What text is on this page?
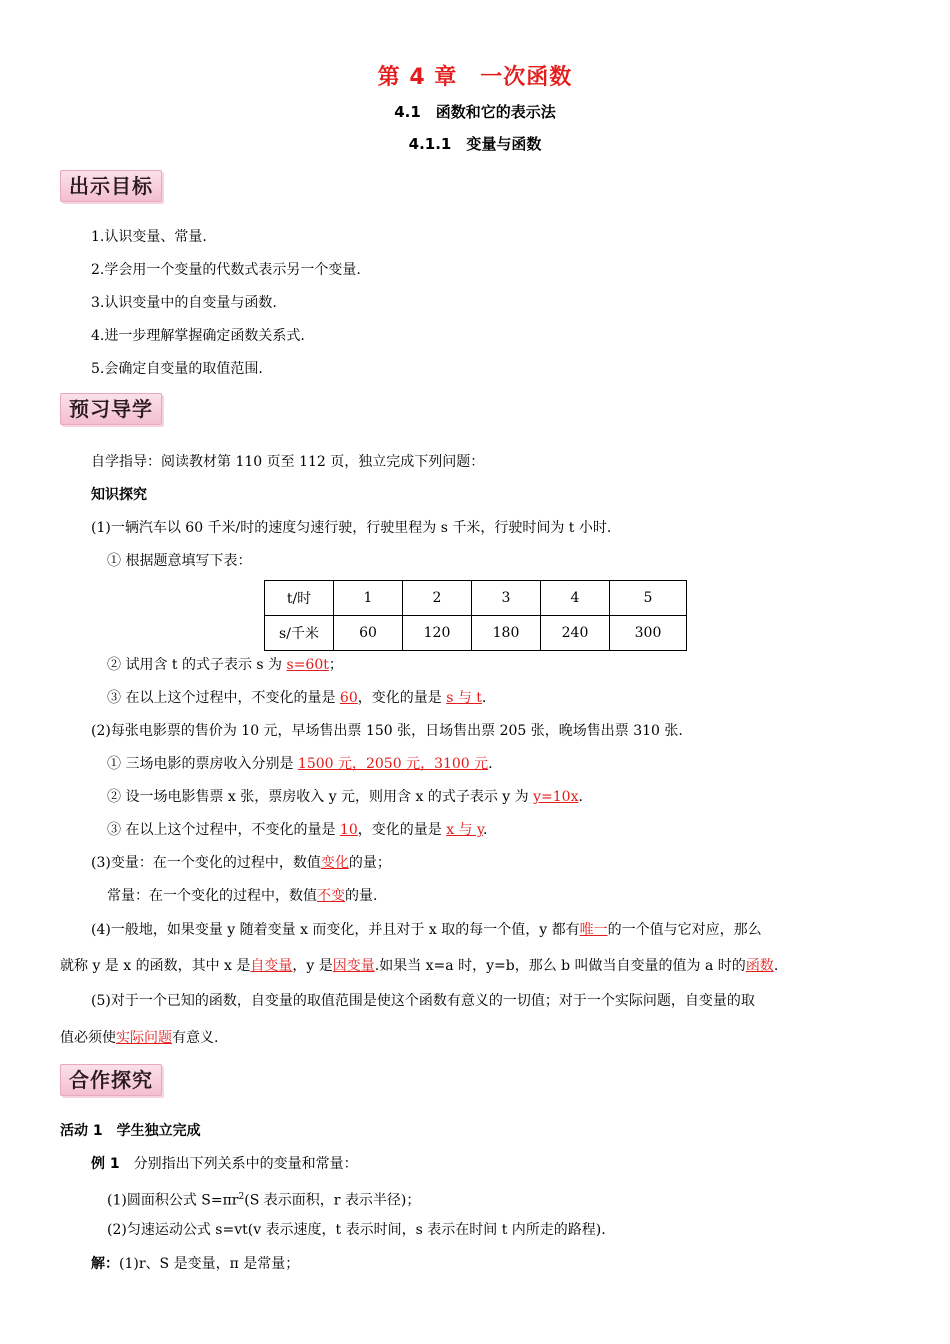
第 4 章　一次函数
4.1　函数和它的表示法
4.1.1　变量与函数
出示目标
1.认识变量、常量.
2.学会用一个变量的代数式表示另一个变量.
3.认识变量中的自变量与函数.
4.进一步理解掌握确定函数关系式.
5.会确定自变量的取值范围.
预习导学
自学指导：阅读教材第 110 页至 112 页，独立完成下列问题：
知识探究
(1)一辆汽车以 60 千米/时的速度匀速行驶，行驶里程为 s 千米，行驶时间为 t 小时.
① 根据题意填写下表：
t/时	1	2	3	4	5
s/千米	60	120	180	240	300
② 试用含 t 的式子表示 s 为 s=60t；
③ 在以上这个过程中，不变化的量是 60，变化的量是 s 与 t.
(2)每张电影票的售价为 10 元，早场售出票 150 张，日场售出票 205 张，晚场售出票 310 张.
① 三场电影的票房收入分别是 1500 元，2050 元，3100 元.
② 设一场电影售票 x 张，票房收入 y 元，则用含 x 的式子表示 y 为 y=10x.
③ 在以上这个过程中，不变化的量是 10，变化的量是 x 与 y.
(3)变量：在一个变化的过程中，数值变化的量；
常量：在一个变化的过程中，数值不变的量.
(4)一般地，如果变量 y 随着变量 x 而变化，并且对于 x 取的每一个值，y 都有唯一的一个值与它对应，那么
就称 y 是 x 的函数，其中 x 是自变量，y 是因变量.如果当 x=a 时，y=b，那么 b 叫做当自变量的值为 a 时的函数.
(5)对于一个已知的函数，自变量的取值范围是使这个函数有意义的一切值；对于一个实际问题，自变量的取
值必须使实际问题有意义.
合作探究
活动 1　学生独立完成
例 1　分别指出下列关系中的变量和常量：
(1)圆面积公式 $S=\pi r^2(S$ 表示面积，r 表示半径)；
(2)匀速运动公式 s=vt(v 表示速度，t 表示时间，s 表示在时间 t 内所走的路程).
解：(1)r、S 是变量，π 是常量；
